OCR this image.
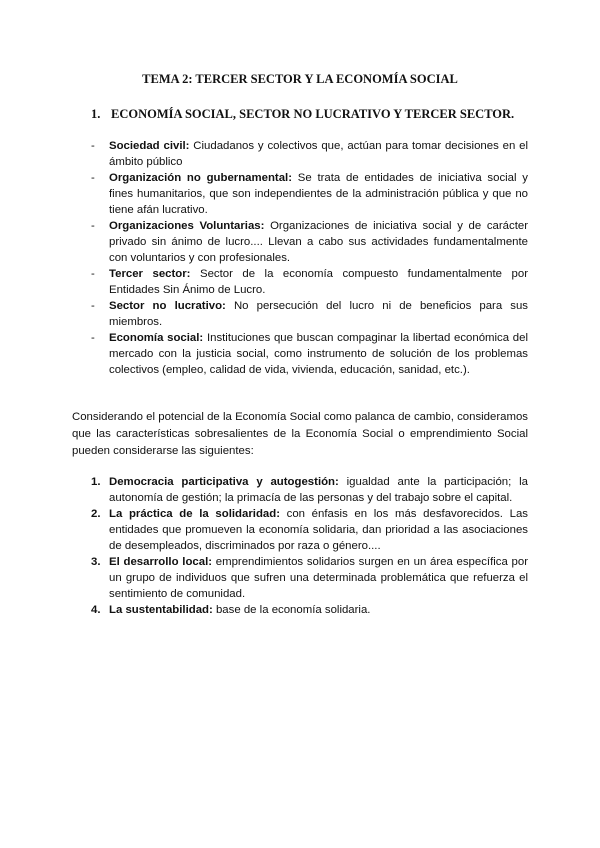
TEMA 2: TERCER SECTOR Y LA ECONOMÍA SOCIAL
1. ECONOMÍA SOCIAL, SECTOR NO LUCRATIVO Y TERCER SECTOR.
- Sociedad civil: Ciudadanos y colectivos que, actúan para tomar decisiones en el ámbito público
- Organización no gubernamental: Se trata de entidades de iniciativa social y fines humanitarios, que son independientes de la administración pública y que no tiene afán lucrativo.
- Organizaciones Voluntarias: Organizaciones de iniciativa social y de carácter privado sin ánimo de lucro.... Llevan a cabo sus actividades fundamentalmente con voluntarios y con profesionales.
- Tercer sector: Sector de la economía compuesto fundamentalmente por Entidades Sin Ánimo de Lucro.
- Sector no lucrativo: No persecución del lucro ni de beneficios para sus miembros.
- Economía social: Instituciones que buscan compaginar la libertad económica del mercado con la justicia social, como instrumento de solución de los problemas colectivos (empleo, calidad de vida, vivienda, educación, sanidad, etc.).

Considerando el potencial de la Economía Social como palanca de cambio, consideramos que las características sobresalientes de la Economía Social o emprendimiento Social pueden considerarse las siguientes:

1. Democracia participativa y autogestión: igualdad ante la participación; la autonomía de gestión; la primacía de las personas y del trabajo sobre el capital.
2. La práctica de la solidaridad: con énfasis en los más desfavorecidos. Las entidades que promueven la economía solidaria, dan prioridad a las asociaciones de desempleados, discriminados por raza o género....
3. El desarrollo local: emprendimientos solidarios surgen en un área específica por un grupo de individuos que sufren una determinada problemática que refuerza el sentimiento de comunidad.
4. La sustentabilidad: base de la economía solidaria.
